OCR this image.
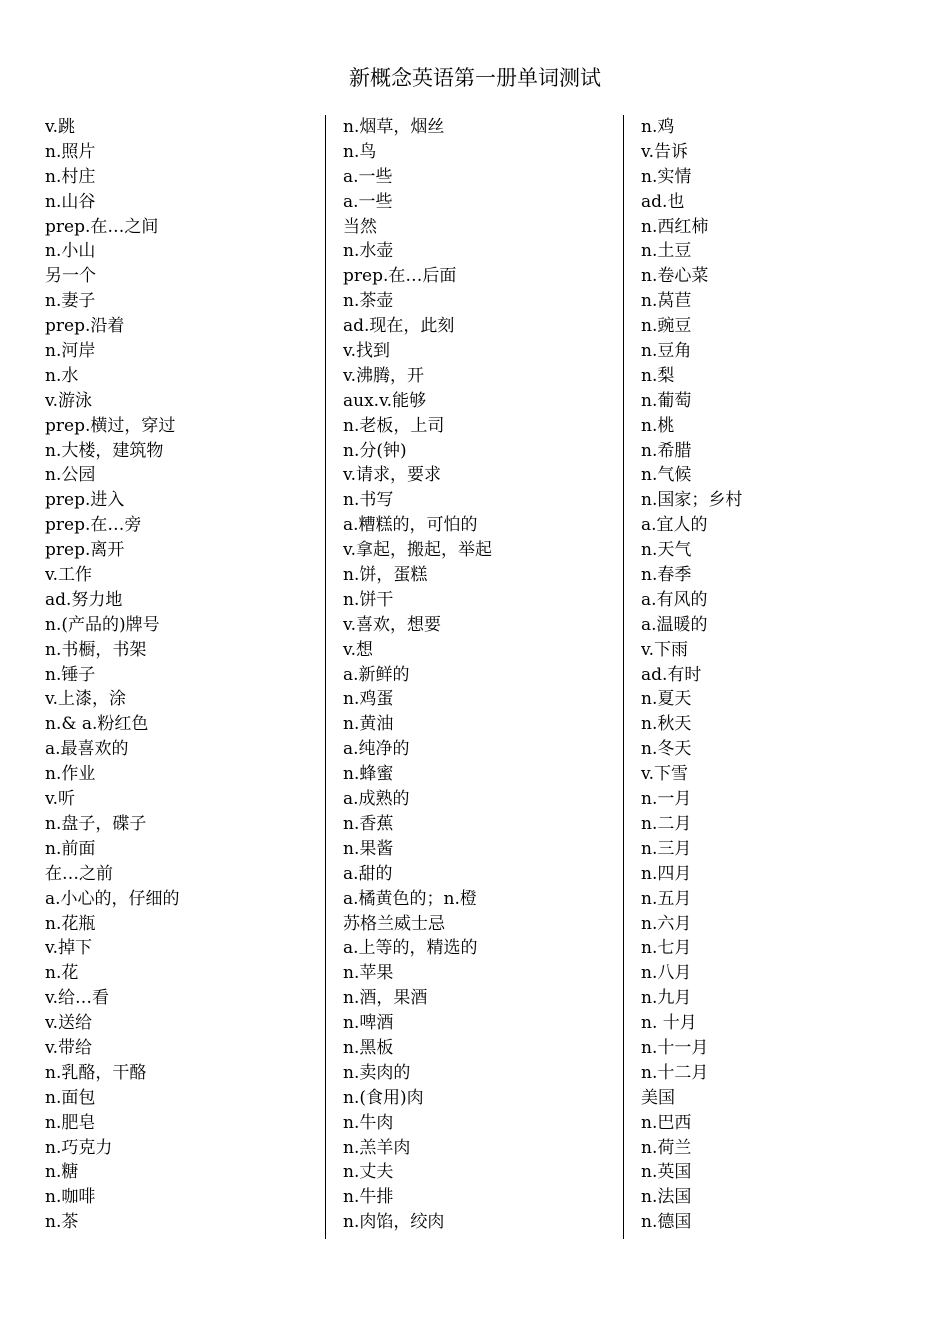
新概念英语第一册单词测试
v.跳
n.照片
n.村庄
n.山谷
prep.在…之间
n.小山
另一个
n.妻子
prep.沿着
n.河岸
n.水
v.游泳
prep.横过，穿过
n.大楼，建筑物
n.公园
prep.进入
prep.在…旁
prep.离开
v.工作
ad.努力地
n.(产品的)牌号
n.书橱，书架
n.锤子
v.上漆，涂
n.& a.粉红色
a.最喜欢的
n.作业
v.听
n.盘子，碟子
n.前面
在…之前
a.小心的，仔细的
n.花瓶
v.掉下
n.花
v.给…看
v.送给
v.带给
n.乳酪，干酪
n.面包
n.肥皂
n.巧克力
n.糖
n.咖啡
n.茶
n.烟草，烟丝
n.鸟
a.一些
a.一些
当然
n.水壶
prep.在…后面
n.茶壶
ad.现在，此刻
v.找到
v.沸腾，开
aux.v.能够
n.老板，上司
n.分(钟)
v.请求，要求
n.书写
a.糟糕的，可怕的
v.拿起，搬起，举起
n.饼，蛋糕
n.饼干
v.喜欢，想要
v.想
a.新鲜的
n.鸡蛋
n.黄油
a.纯净的
n.蜂蜜
a.成熟的
n.香蕉
n.果酱
a.甜的
a.橘黄色的；n.橙
苏格兰威士忌
a.上等的，精选的
n.苹果
n.酒，果酒
n.啤酒
n.黑板
n.卖肉的
n.(食用)肉
n.牛肉
n.羔羊肉
n.丈夫
n.牛排
n.肉馅，绞肉
n.鸡
v.告诉
n.实情
ad.也
n.西红柿
n.土豆
n.卷心菜
n.莴苣
n.豌豆
n.豆角
n.梨
n.葡萄
n.桃
n.希腊
n.气候
n.国家；乡村
a.宜人的
n.天气
n.春季
a.有风的
a.温暖的
v.下雨
ad.有时
n.夏天
n.秋天
n.冬天
v.下雪
n.一月
n.二月
n.三月
n.四月
n.五月
n.六月
n.七月
n.八月
n.九月
n. 十月
n.十一月
n.十二月
美国
n.巴西
n.荷兰
n.英国
n.法国
n.德国
